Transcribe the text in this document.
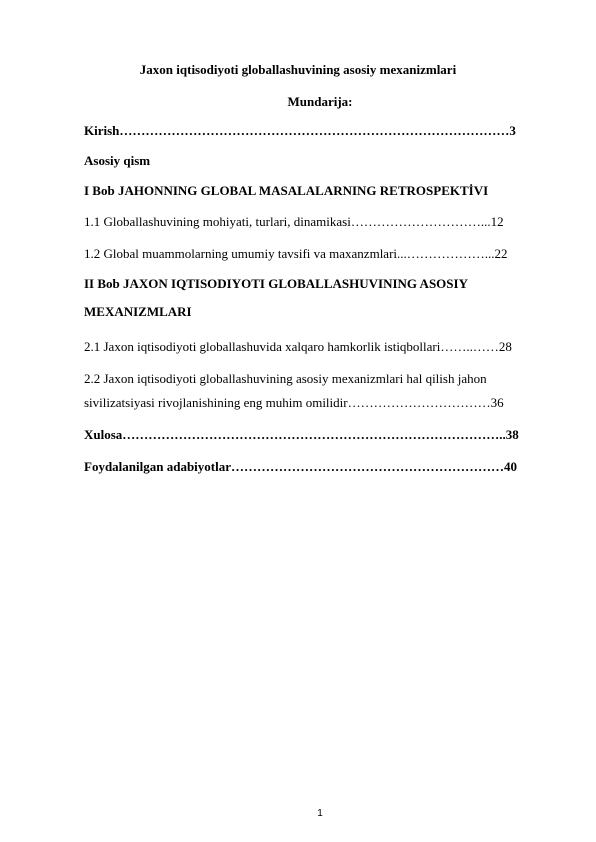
Jaxon iqtisodiyoti globallashuvining asosiy mexanizmlari
Mundarija:
Kirish………………………………………………………………………………3
Asosiy qism
I Bob JAHONNING GLOBAL MASALALARNING RETROSPEKTİVI
1.1 Globallashuvining mohiyati, turlari, dinamikasi…………………………...12
1.2 Global muammolarning umumiy tavsifi va maxanzmlari...………………...22
II Bob JAXON IQTISODIYOTI GLOBALLASHUVINING ASOSIY
MEXANIZMLARI
2.1 Jaxon iqtisodiyoti globallashuvida xalqaro hamkorlik istiqbollari……..……28
2.2 Jaxon iqtisodiyoti globallashuvining asosiy mexanizmlari hal qilish jahon
sivilizatsiyasi rivojlanishining eng muhim omilidir……………………………36
Xulosa……………………………………………………………………………..38
Foydalanilgan adabiyotlar………………………………………………………40
1
